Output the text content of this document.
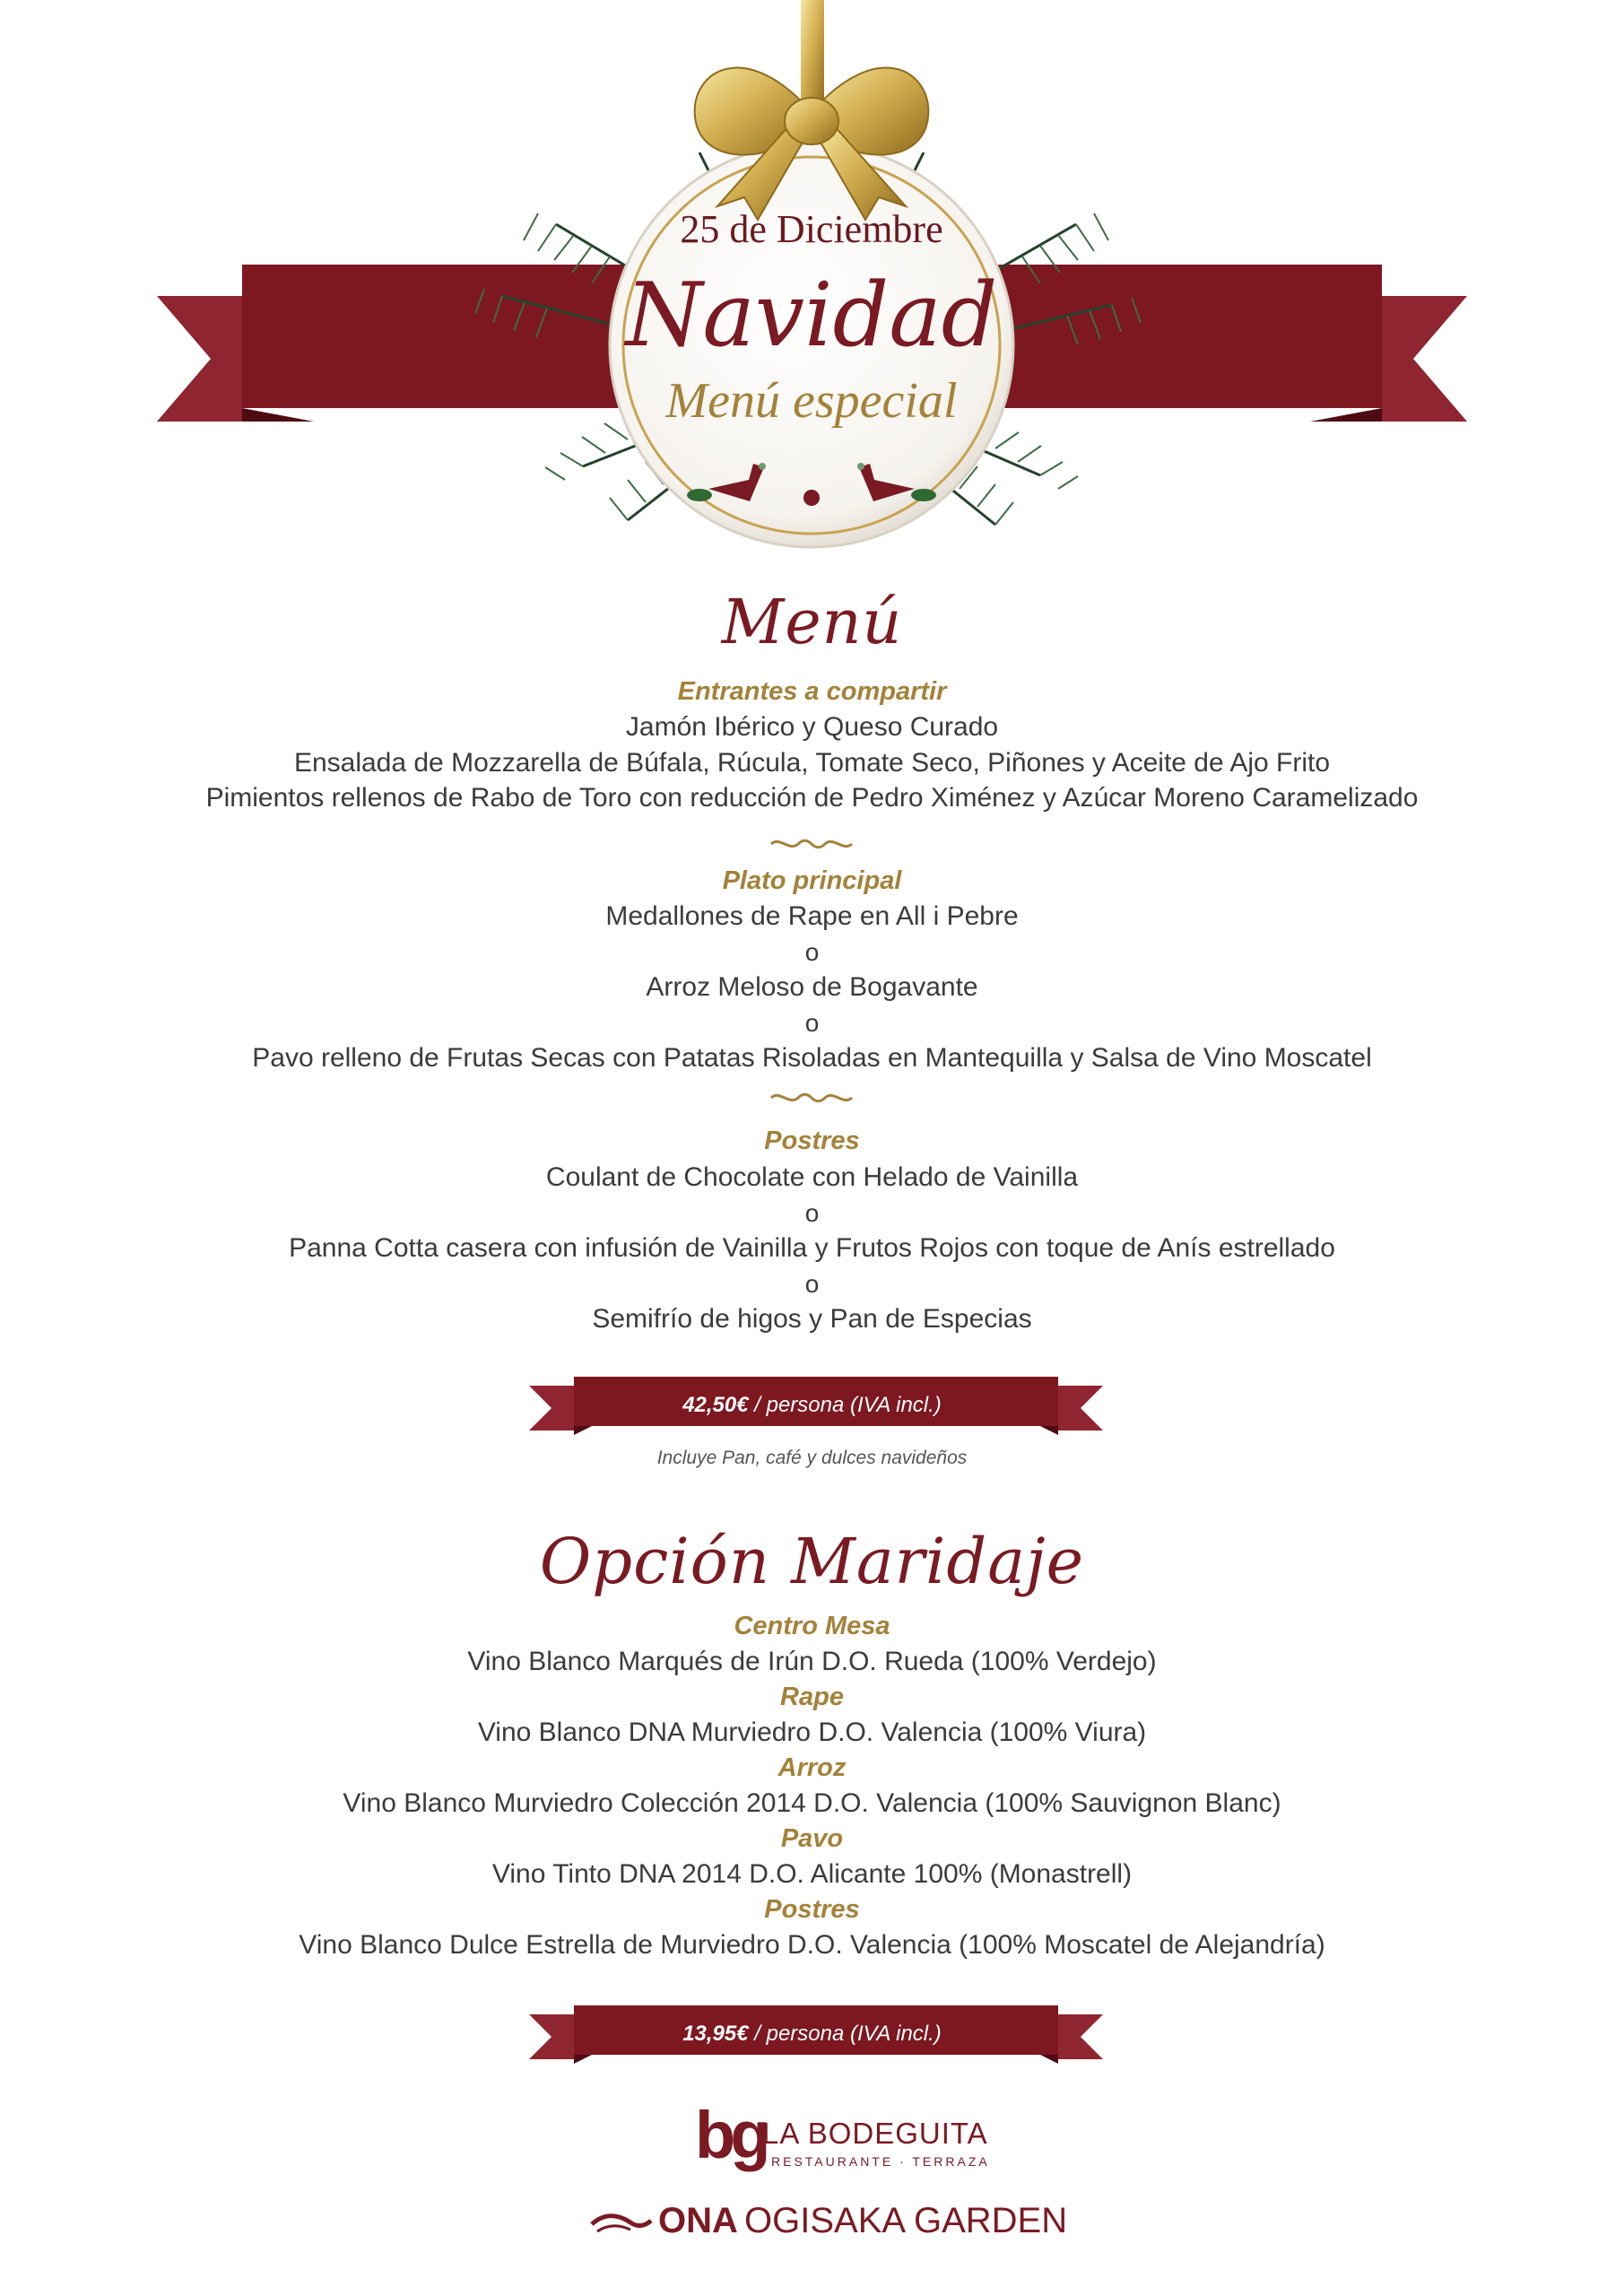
25 de Diciembre
Navidad
Menú especial
Menú
Entrantes a compartir
Jamón Ibérico y Queso Curado
Ensalada de Mozzarella de Búfala, Rúcula, Tomate Seco, Piñones y Aceite de Ajo Frito
Pimientos rellenos de Rabo de Toro con reducción de Pedro Ximénez y Azúcar Moreno Caramelizado
Plato principal
Medallones de Rape en All i Pebre
o
Arroz Meloso de Bogavante
o
Pavo relleno de Frutas Secas con Patatas Risoladas en Mantequilla y Salsa de Vino Moscatel
Postres
Coulant de Chocolate con Helado de Vainilla
o
Panna Cotta casera con infusión de Vainilla y Frutos Rojos con toque de Anís estrellado
o
Semifrío de higos y Pan de Especias
42,50€ / persona (IVA incl.)
Incluye Pan, café y dulces navideños
Opción Maridaje
Centro Mesa
Vino Blanco Marqués de Irún D.O. Rueda (100% Verdejo)
Rape
Vino Blanco DNA Murviedro D.O. Valencia (100% Viura)
Arroz
Vino Blanco Murviedro Colección 2014 D.O. Valencia (100% Sauvignon Blanc)
Pavo
Vino Tinto DNA 2014 D.O. Alicante 100% (Monastrell)
Postres
Vino Blanco Dulce Estrella de Murviedro D.O. Valencia (100% Moscatel de Alejandría)
13,95€ / persona (IVA incl.)
bg
LA BODEGUITA
RESTAURANTE · TERRAZA
ONA OGISAKA GARDEN
